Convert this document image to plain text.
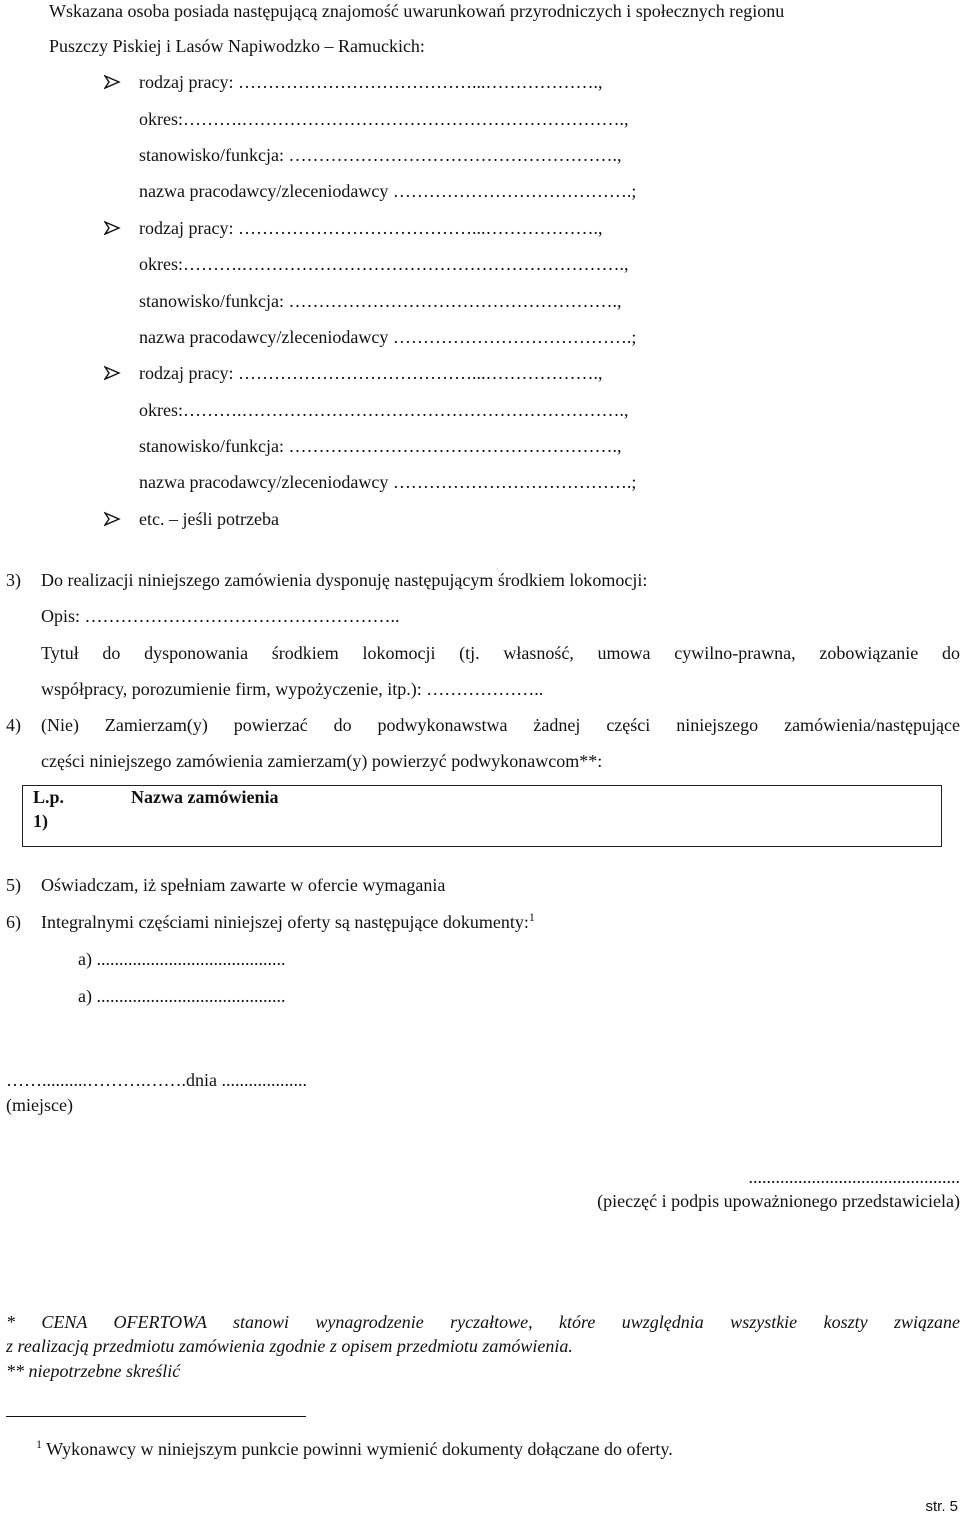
Wskazana osoba posiada następującą znajomość uwarunkowań przyrodniczych i społecznych regionu
Puszczy Piskiej i Lasów Napiwodzko – Ramuckich:
rodzaj pracy: …………………………………...……………….,
okres:……….……………………………………………………….,
stanowisko/funkcja: ……………………………………………….,
nazwa pracodawcy/zleceniodawcy ………………………………….;
rodzaj pracy: …………………………………...……………….,
okres:……….……………………………………………………….,
stanowisko/funkcja: ……………………………………………….,
nazwa pracodawcy/zleceniodawcy ………………………………….;
rodzaj pracy: …………………………………...……………….,
okres:……….……………………………………………………….,
stanowisko/funkcja: ……………………………………………….,
nazwa pracodawcy/zleceniodawcy ………………………………….;
etc. – jeśli potrzeba
3) Do realizacji niniejszego zamówienia dysponuję następującym środkiem lokomocji:
Opis: ……………………………………………..
Tytuł do dysponowania środkiem lokomocji (tj. własność, umowa cywilno-prawna, zobowiązanie do
współpracy, porozumienie firm, wypożyczenie, itp.): ………………..
4) (Nie) Zamierzam(y) powierzać do podwykonawstwa żadnej części niniejszego zamówienia/następujące
części niniejszego zamówienia zamierzam(y) powierzyć podwykonawcom**:
L.p.	Nazwa zamówienia
1)	
5) Oświadczam, iż spełniam zawarte w ofercie wymagania
6) Integralnymi częściami niniejszej oferty są następujące dokumenty:$^1$
a) ..........................................
a) ..........................................
……..........……….…….dnia ...................
(miejsce)
...............................................
(pieczęć i podpis upoważnionego przedstawiciela)
* CENA OFERTOWA stanowi wynagrodzenie ryczałtowe, które uwzględnia wszystkie koszty związane
z realizacją przedmiotu zamówienia zgodnie z opisem przedmiotu zamówienia.
** niepotrzebne skreślić
$^1$ Wykonawcy w niniejszym punkcie powinni wymienić dokumenty dołączane do oferty.
str. 5
